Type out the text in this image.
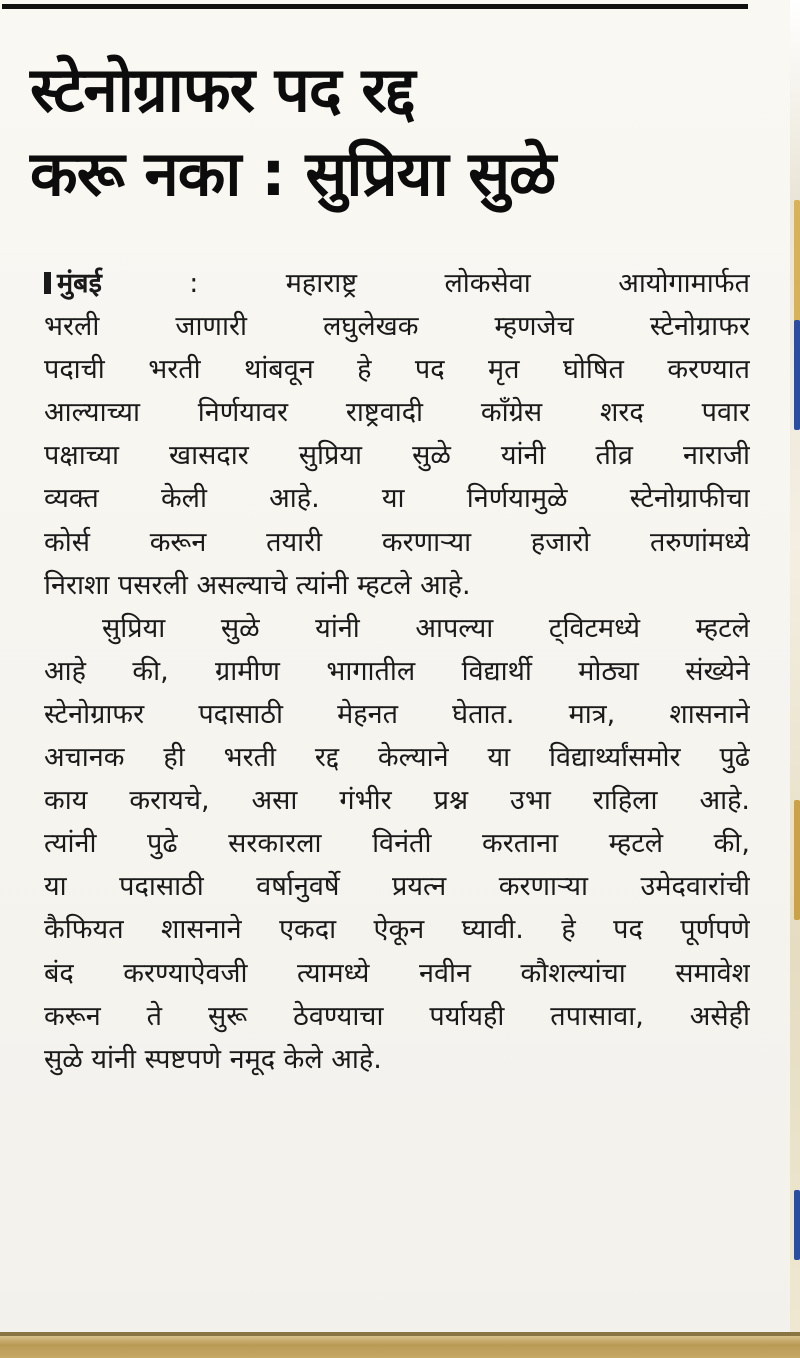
स्टेनोग्राफर पद रद्द
करू नका : सुप्रिया सुळे
मुंबई	:	महाराष्ट्र लोकसेवा आयोगामार्फत
भरली जाणारी लघुलेखक म्हणजेच स्टेनोग्राफर
पदाची भरती थांबवून हे पद मृत घोषित करण्यात
आल्याच्या निर्णयावर राष्ट्रवादी काँग्रेस शरद पवार
पक्षाच्या खासदार सुप्रिया सुळे यांनी तीव्र नाराजी
व्यक्त केली आहे. या निर्णयामुळे स्टेनोग्राफीचा
कोर्स करून तयारी करणाऱ्या हजारो तरुणांमध्ये
निराशा पसरली असल्याचे त्यांनी म्हटले आहे.
सुप्रिया सुळे यांनी आपल्या ट्विटमध्ये म्हटले
आहे की, ग्रामीण भागातील विद्यार्थी मोठ्या संख्येने
स्टेनोग्राफर पदासाठी मेहनत घेतात. मात्र, शासनाने
अचानक ही भरती रद्द केल्याने या विद्यार्थ्यांसमोर पुढे
काय करायचे, असा गंभीर प्रश्न उभा राहिला आहे.
त्यांनी पुढे सरकारला विनंती करताना म्हटले की,
या पदासाठी वर्षानुवर्षे प्रयत्न करणाऱ्या उमेदवारांची
कैफियत शासनाने एकदा ऐकून घ्यावी. हे पद पूर्णपणे
बंद करण्याऐवजी त्यामध्ये नवीन कौशल्यांचा समावेश
करून ते सुरू ठेवण्याचा पर्यायही तपासावा, असेही
सुळे यांनी स्पष्टपणे नमूद केले आहे.
